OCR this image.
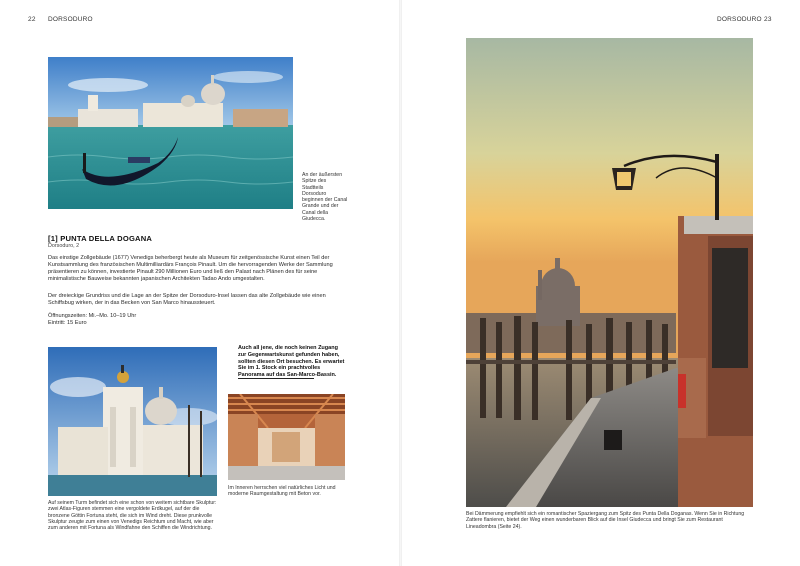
22 DORSODURO	DORSODURO 23
An der äußersten Spitze des Stadtteils Dorsoduro beginnen der Canal Grande und der Canal della Giudecca.
[1] PUNTA DELLA DOGANA
Dorsoduro, 2
Das einstige Zollgebäude (1677) Venedigs beherbergt heute als Museum für zeitgenössische Kunst einen Teil der Kunstsammlung des französischen Multimilliardärs François Pinault. Um die hervorragenden Werke der Sammlung präsentieren zu können, investierte Pinault 290 Millionen Euro und ließ den Palast nach Plänen des für seine minimalistische Bauweise bekannten japanischen Architekten Tadao Ando umgestalten.
Der dreieckige Grundriss und die Lage an der Spitze der Dorsoduro-Insel lassen das alte Zollgebäude wie einen Schiffsbug wirken, der in das Becken von San Marco hinaussteuert.
Öffnungszeiten: Mi.–Mo. 10–19 Uhr
Eintritt: 15 Euro
Auf seinem Turm befindet sich eine schon von weitem sichtbare Skulptur: zwei Atlas-Figuren stemmen eine vergoldete Erdkugel, auf der die bronzene Göttin Fortuna steht, die sich im Wind dreht. Diese prunkvolle Skulptur zeugte zum einen von Venedigs Reichtum und Macht, wie aber zum anderen mit Fortuna als Windfahne den Schiffen die Windrichtung.
Auch all jene, die noch keinen Zugang zur Gegenwartskunst gefunden haben, sollten diesen Ort besuchen. Es erwartet Sie im 1. Stock ein prachtvolles Panorama auf das San-Marco-Bassin.
Im Inneren herrschen viel natürliches Licht und moderne Raumgestaltung mit Beton vor.
Bei Dämmerung empfiehlt sich ein romantischer Spaziergang zum Spitz des Punta Della Doganas. Wenn Sie in Richtung Zattere flanieren, bietet der Weg einen wunderbaren Blick auf die Insel Giudecca und bringt Sie zum Restaurant Lineadombra (Seite 24).
